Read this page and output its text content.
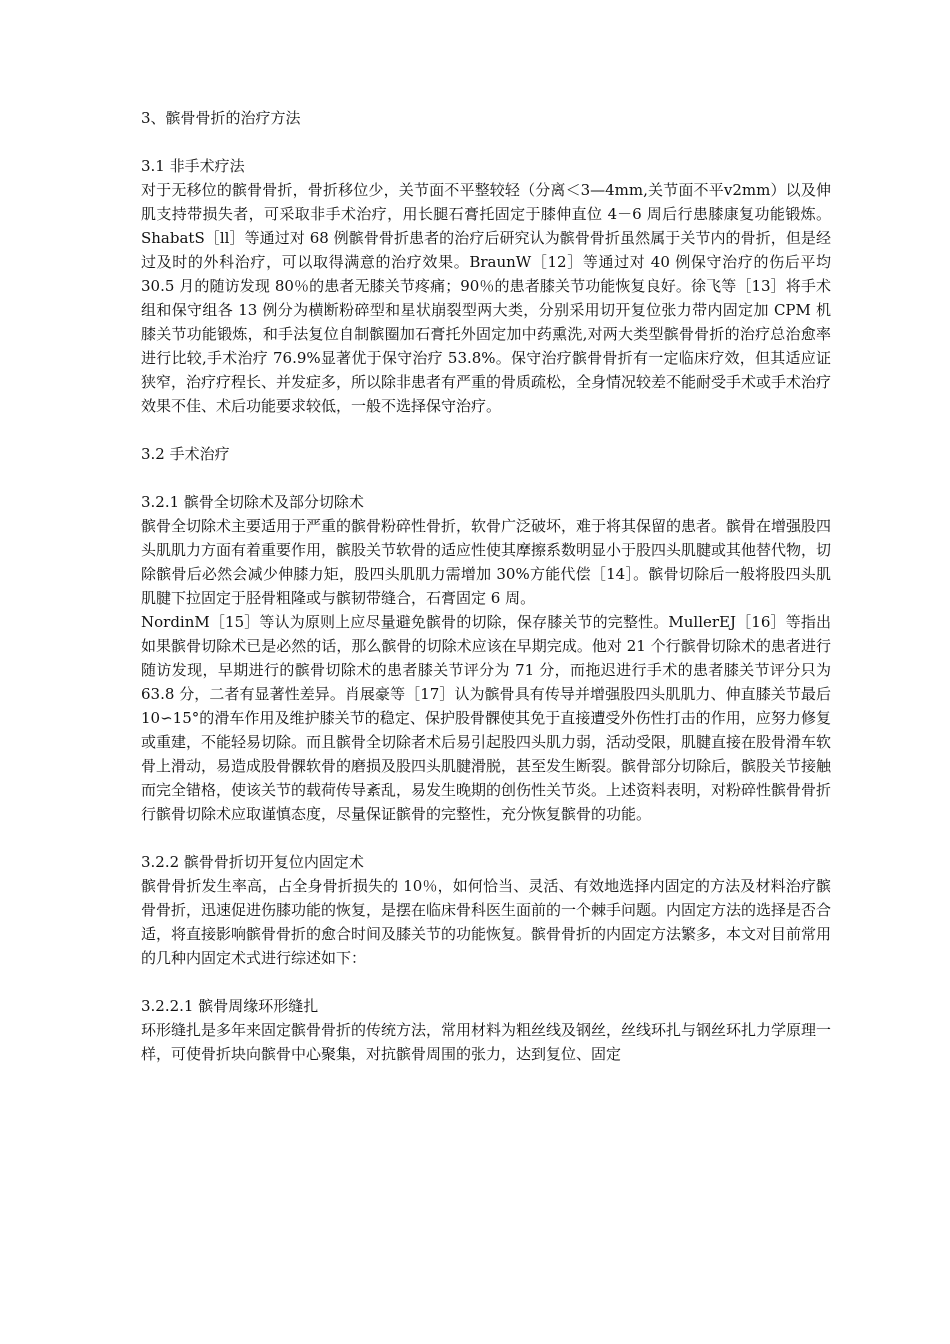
3、髌骨骨折的治疗方法

3.1 非手术疗法

对于无移位的髌骨骨折，骨折移位少，关节面不平整较轻（分离＜3—4mm,关节面不平v2mm）以及伸肌支持带损失者，可采取非手术治疗，用长腿石膏托固定于膝伸直位 4－6 周后行患膝康复功能锻炼。ShabatS［ll］等通过对 68 例髌骨骨折患者的治疗后研究认为髌骨骨折虽然属于关节内的骨折，但是经过及时的外科治疗，可以取得满意的治疗效果。BraunW［12］等通过对 40 例保守治疗的伤后平均 30.5 月的随访发现 80％的患者无膝关节疼痛；90％的患者膝关节功能恢复良好。徐飞等［13］将手术组和保守组各 13 例分为横断粉碎型和星状崩裂型两大类，分别采用切开复位张力带内固定加 CPM 机膝关节功能锻炼，和手法复位自制髌圈加石膏托外固定加中药熏洗,对两大类型髌骨骨折的治疗总治愈率进行比较,手术治疗 76.9%显著优于保守治疗 53.8%。保守治疗髌骨骨折有一定临床疗效，但其适应证狭窄，治疗疗程长、并发症多，所以除非患者有严重的骨质疏松，全身情况较差不能耐受手术或手术治疗效果不佳、术后功能要求较低，一般不选择保守治疗。

3.2 手术治疗

3.2.1 髌骨全切除术及部分切除术

髌骨全切除术主要适用于严重的髌骨粉碎性骨折，软骨广泛破坏，难于将其保留的患者。髌骨在增强股四头肌肌力方面有着重要作用，髌股关节软骨的适应性使其摩擦系数明显小于股四头肌腱或其他替代物，切除髌骨后必然会减少伸膝力矩，股四头肌肌力需增加 30%方能代偿［14］。髌骨切除后一般将股四头肌肌腱下拉固定于胫骨粗隆或与髌韧带缝合，石膏固定 6 周。

NordinM［15］等认为原则上应尽量避免髌骨的切除，保存膝关节的完整性。MullerEJ［16］等指出如果髌骨切除术已是必然的话，那么髌骨的切除术应该在早期完成。他对 21 个行髌骨切除术的患者进行随访发现，早期进行的髌骨切除术的患者膝关节评分为 71 分，而拖迟进行手术的患者膝关节评分只为 63.8 分，二者有显著性差异。肖展豪等［17］认为髌骨具有传导并增强股四头肌肌力、伸直膝关节最后 10∽15°的滑车作用及维护膝关节的稳定、保护股骨髁使其免于直接遭受外伤性打击的作用，应努力修复或重建，不能轻易切除。而且髌骨全切除者术后易引起股四头肌力弱，活动受限，肌腱直接在股骨滑车软骨上滑动，易造成股骨髁软骨的磨损及股四头肌腱滑脱，甚至发生断裂。髌骨部分切除后，髌股关节接触而完全错格，使该关节的载荷传导紊乱，易发生晚期的创伤性关节炎。上述资料表明，对粉碎性髌骨骨折行髌骨切除术应取谨慎态度，尽量保证髌骨的完整性，充分恢复髌骨的功能。

3.2.2 髌骨骨折切开复位内固定术

髌骨骨折发生率高，占全身骨折损失的 10％，如何恰当、灵活、有效地选择内固定的方法及材料治疗髌骨骨折，迅速促进伤膝功能的恢复，是摆在临床骨科医生面前的一个棘手问题。内固定方法的选择是否合适，将直接影响髌骨骨折的愈合时间及膝关节的功能恢复。髌骨骨折的内固定方法繁多，本文对目前常用的几种内固定术式进行综述如下：

3.2.2.1 髌骨周缘环形缝扎

环形缝扎是多年来固定髌骨骨折的传统方法，常用材料为粗丝线及钢丝，丝线环扎与钢丝环扎力学原理一样，可使骨折块向髌骨中心聚集，对抗髌骨周围的张力，达到复位、固定
